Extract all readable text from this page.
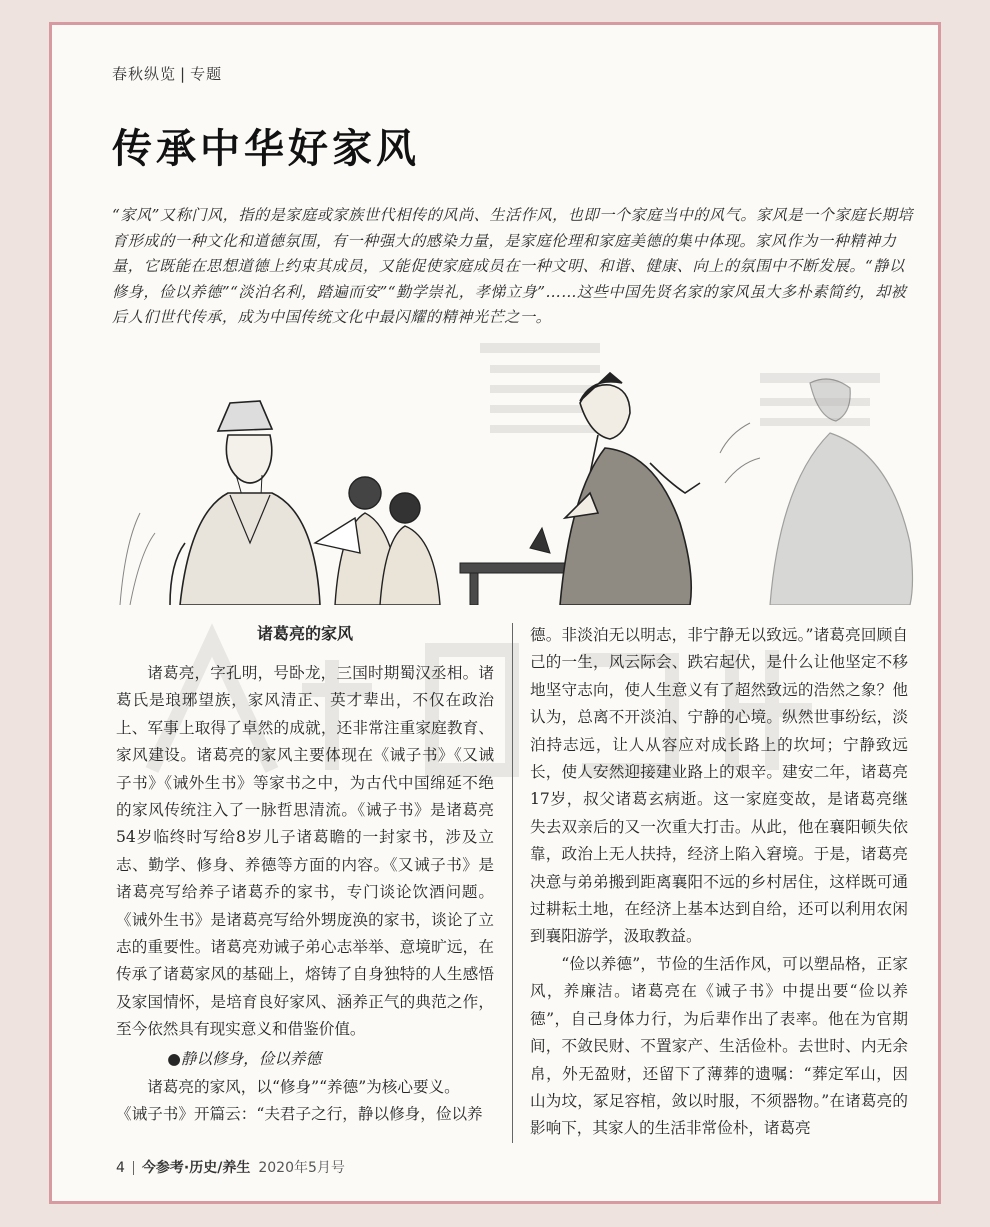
春秋纵览 | 专题
传承中华好家风

“家风”又称门风，指的是家庭或家族世代相传的风尚、生活作风，也即一个家庭当中的风气。家风是一个家庭长期培育形成的一种文化和道德氛围，有一种强大的感染力量，是家庭伦理和家庭美德的集中体现。家风作为一种精神力量，它既能在思想道德上约束其成员，又能促使家庭成员在一种文明、和谐、健康、向上的氛围中不断发展。“静以修身，俭以养德”“淡泊名利，踏遍而安”“勤学崇礼，孝悌立身”……这些中国先贤名家的家风虽大多朴素简约，却被后人们世代传承，成为中国传统文化中最闪耀的精神光芒之一。

诸葛亮的家风

诸葛亮，字孔明，号卧龙，三国时期蜀汉丞相。诸葛氏是琅琊望族，家风清正、英才辈出，不仅在政治上、军事上取得了卓然的成就，还非常注重家庭教育、家风建设。诸葛亮的家风主要体现在《诫子书》《又诫子书》《诫外生书》等家书之中，为古代中国绵延不绝的家风传统注入了一脉哲思清流。《诫子书》是诸葛亮54岁临终时写给8岁儿子诸葛瞻的一封家书，涉及立志、勤学、修身、养德等方面的内容。《又诫子书》是诸葛亮写给养子诸葛乔的家书，专门谈论饮酒问题。《诫外生书》是诸葛亮写给外甥庞涣的家书，谈论了立志的重要性。诸葛亮劝诫子弟心志举举、意境旷远，在传承了诸葛家风的基础上，熔铸了自身独特的人生感悟及家国情怀，是培育良好家风、涵养正气的典范之作，至今依然具有现实意义和借鉴价值。

●静以修身，俭以养德

诸葛亮的家风，以“修身”“养德”为核心要义。

《诫子书》开篇云：“夫君子之行，静以修身，俭以养

德。非淡泊无以明志，非宁静无以致远。”诸葛亮回顾自己的一生，风云际会、跌宕起伏，是什么让他坚定不移地坚守志向，使人生意义有了超然致远的浩然之象？他认为，总离不开淡泊、宁静的心境。纵然世事纷纭，淡泊持志远，让人从容应对成长路上的坎坷；宁静致远长，使人安然迎接建业路上的艰辛。建安二年，诸葛亮17岁，叔父诸葛玄病逝。这一家庭变故，是诸葛亮继失去双亲后的又一次重大打击。从此，他在襄阳顿失依靠，政治上无人扶持，经济上陷入窘境。于是，诸葛亮决意与弟弟搬到距离襄阳不远的乡村居住，这样既可通过耕耘土地，在经济上基本达到自给，还可以利用农闲到襄阳游学，汲取教益。

“俭以养德”，节俭的生活作风，可以塑品格，正家风，养廉洁。诸葛亮在《诫子书》中提出要“俭以养德”，自己身体力行，为后辈作出了表率。他在为官期间，不敛民财、不置家产、生活俭朴。去世时、内无余帛，外无盈财，还留下了薄葬的遗嘱：“葬定军山，因山为坟，冢足容棺，敛以时服，不须器物。”在诸葛亮的影响下，其家人的生活非常俭朴，诸葛亮

4 今参考·历史/养生 2020年5月号
